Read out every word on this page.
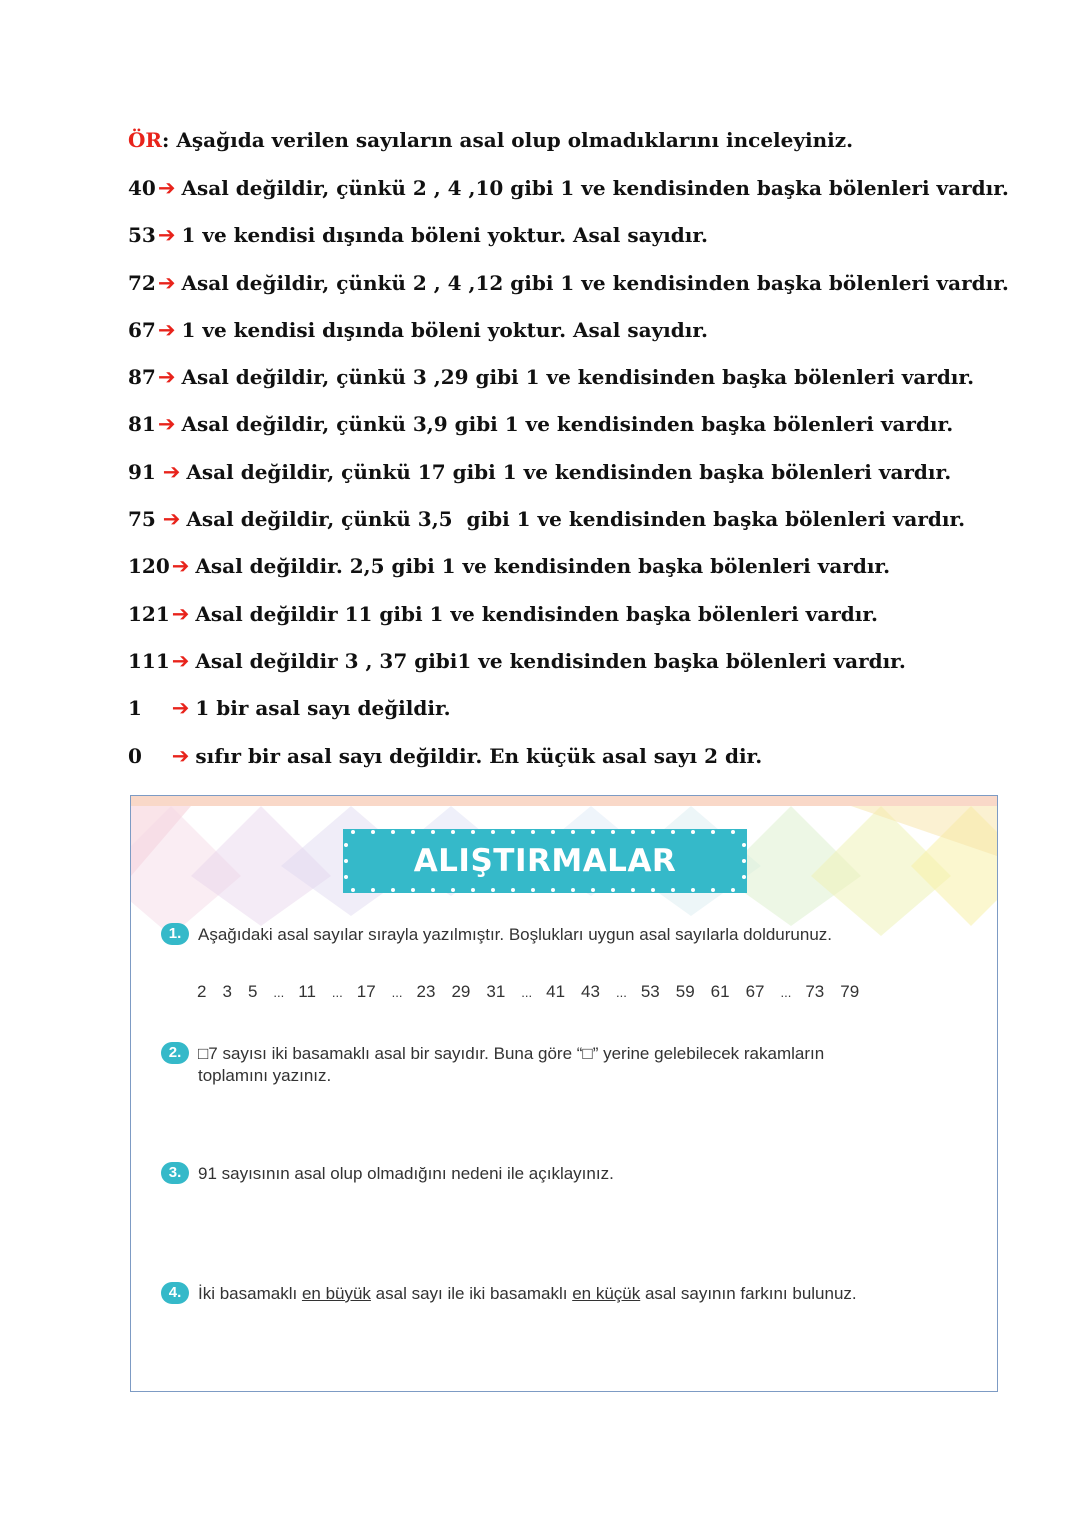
ÖR: Aşağıda verilen sayıların asal olup olmadıklarını inceleyiniz.
40 ➔ Asal değildir, çünkü 2 , 4 ,10 gibi 1 ve kendisinden başka bölenleri vardır.
53 ➔ 1 ve kendisi dışında böleni yoktur. Asal sayıdır.
72 ➔ Asal değildir, çünkü 2 , 4 ,12 gibi 1 ve kendisinden başka bölenleri vardır.
67 ➔ 1 ve kendisi dışında böleni yoktur. Asal sayıdır.
87 ➔ Asal değildir, çünkü 3 ,29 gibi 1 ve kendisinden başka bölenleri vardır.
81 ➔ Asal değildir, çünkü 3,9 gibi 1 ve kendisinden başka bölenleri vardır.
91 ➔ Asal değildir, çünkü 17 gibi 1 ve kendisinden başka bölenleri vardır.
75 ➔ Asal değildir, çünkü 3,5  gibi 1 ve kendisinden başka bölenleri vardır.
120 ➔ Asal değildir. 2,5 gibi 1 ve kendisinden başka bölenleri vardır.
121 ➔ Asal değildir 11 gibi 1 ve kendisinden başka bölenleri vardır.
111 ➔ Asal değildir 3 , 37 gibi1 ve kendisinden başka bölenleri vardır.
1 ➔ 1 bir asal sayı değildir.
0 ➔ sıfır bir asal sayı değildir. En küçük asal sayı 2 dir.
ALIŞTIRMALAR
1. Aşağıdaki asal sayılar sırayla yazılmıştır. Boşlukları uygun asal sayılarla doldurunuz.
2 3 5 ... 11 ... 17 ... 23 29 31 ... 41 43 ... 53 59 61 67 ... 73 79
2. □7 sayısı iki basamaklı asal bir sayıdır. Buna göre “□” yerine gelebilecek rakamların
toplamını yazınız.
3. 91 sayısının asal olup olmadığını nedeni ile açıklayınız.
4. İki basamaklı en büyük asal sayı ile iki basamaklı en küçük asal sayının farkını bulunuz.
